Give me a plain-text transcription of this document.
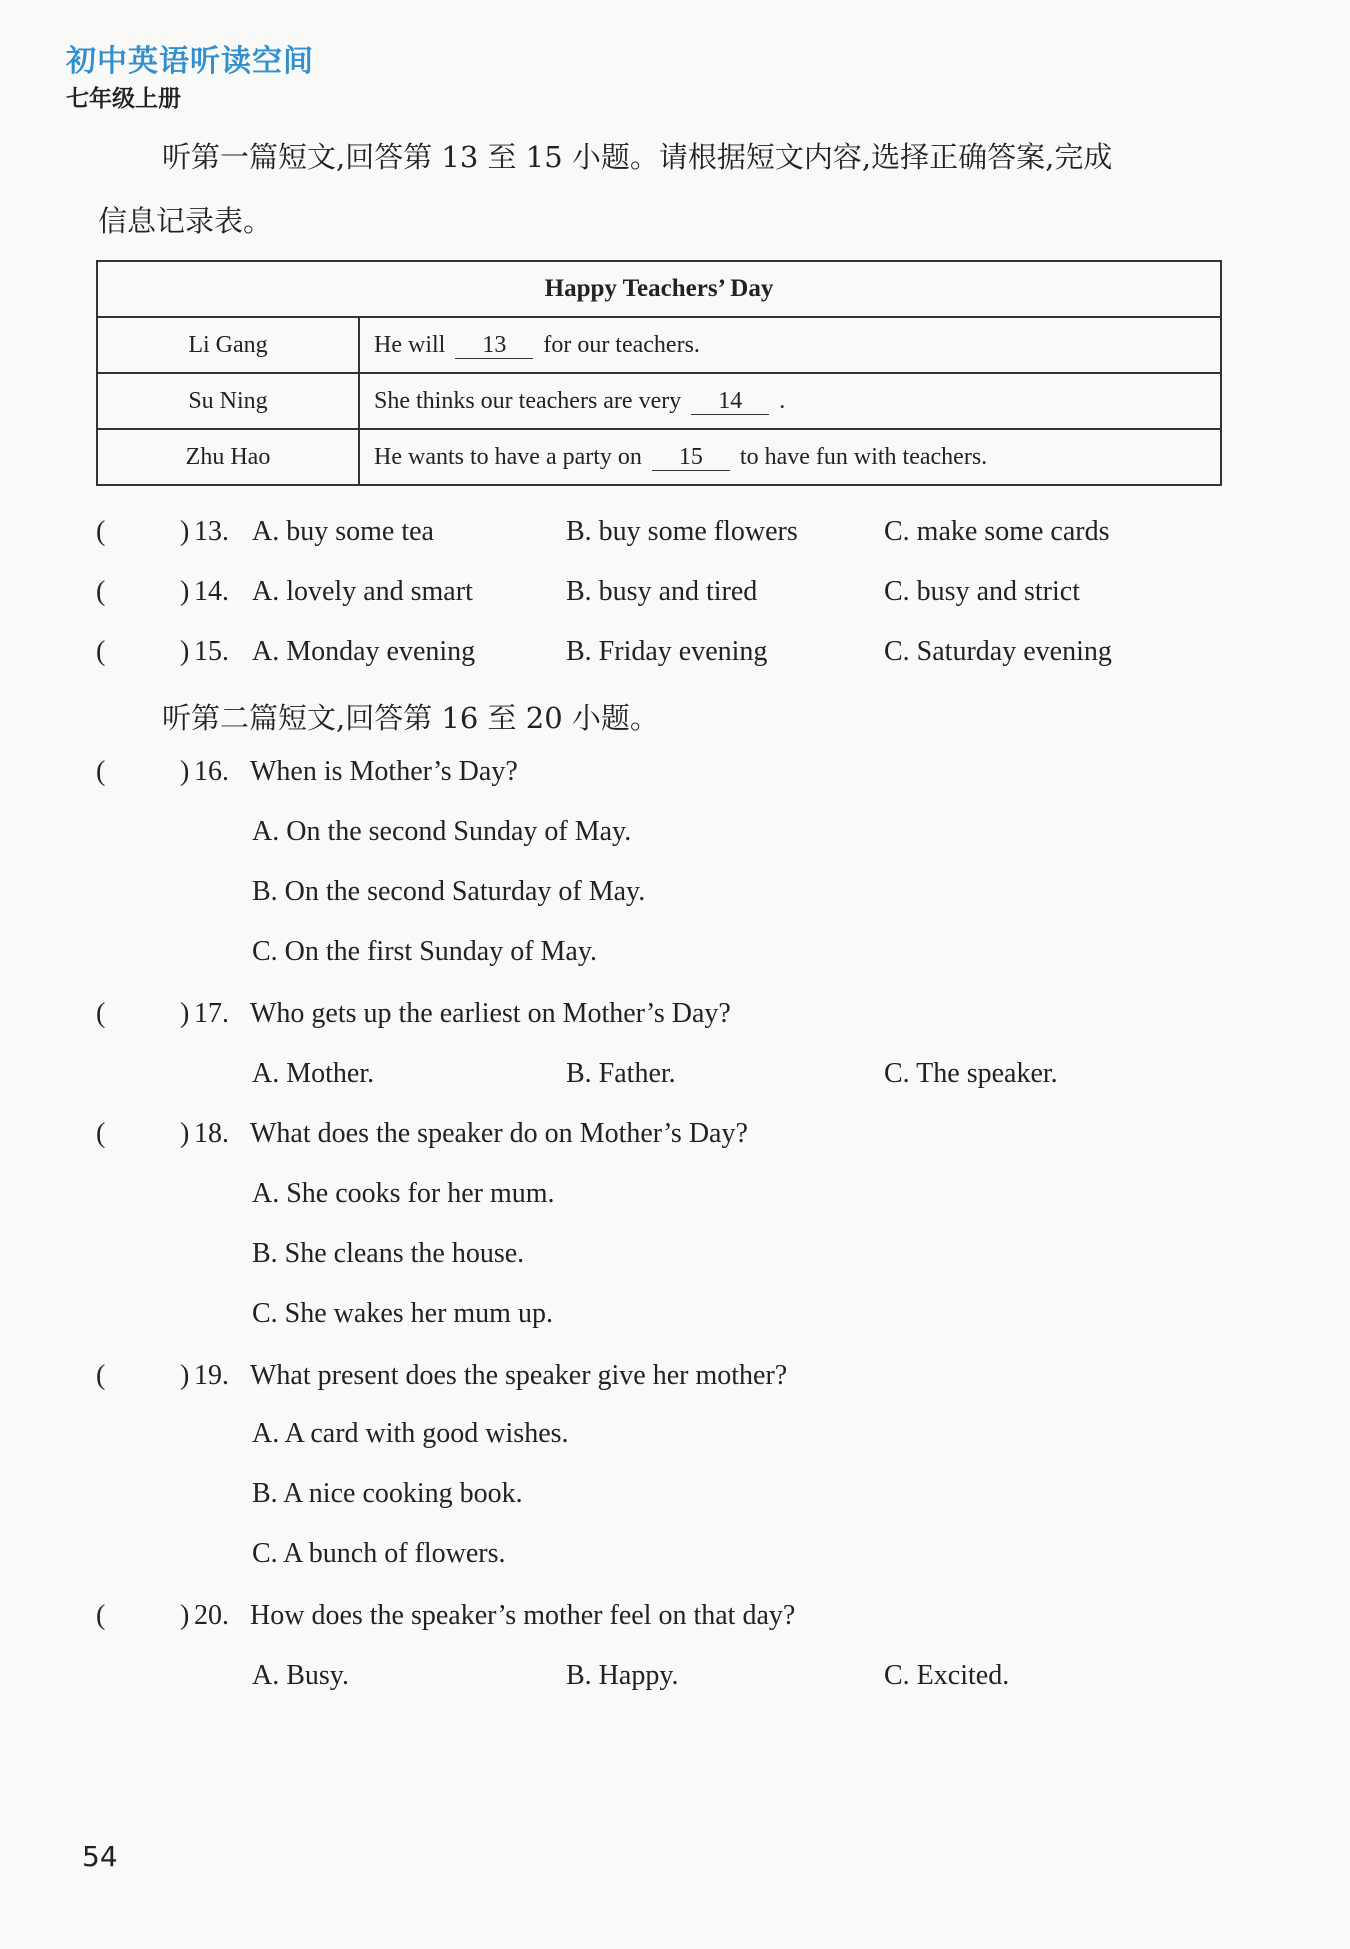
初中英语听读空间
七年级上册
听第一篇短文,回答第 13 至 15 小题。请根据短文内容,选择正确答案,完成
信息记录表。
Happy Teachers’ Day	
Li Gang	He will 13 for our teachers.
Su Ning	She thinks our teachers are very 14 .
Zhu Hao	He wants to have a party on 15 to have fun with teachers.
(	) 13. A. buy some tea	B. buy some flowers	C. make some cards
(	) 14. A. lovely and smart	B. busy and tired	C. busy and strict
(	) 15. A. Monday evening	B. Friday evening	C. Saturday evening
听第二篇短文,回答第 16 至 20 小题。
(	) 16. When is Mother’s Day?
A. On the second Sunday of May.
B. On the second Saturday of May.
C. On the first Sunday of May.
(	) 17. Who gets up the earliest on Mother’s Day?
A. Mother.	B. Father.	C. The speaker.
(	) 18. What does the speaker do on Mother’s Day?
A. She cooks for her mum.
B. She cleans the house.
C. She wakes her mum up.
(	) 19. What present does the speaker give her mother?
A. A card with good wishes.
B. A nice cooking book.
C. A bunch of flowers.
(	) 20. How does the speaker’s mother feel on that day?
A. Busy.	B. Happy.	C. Excited.
54
